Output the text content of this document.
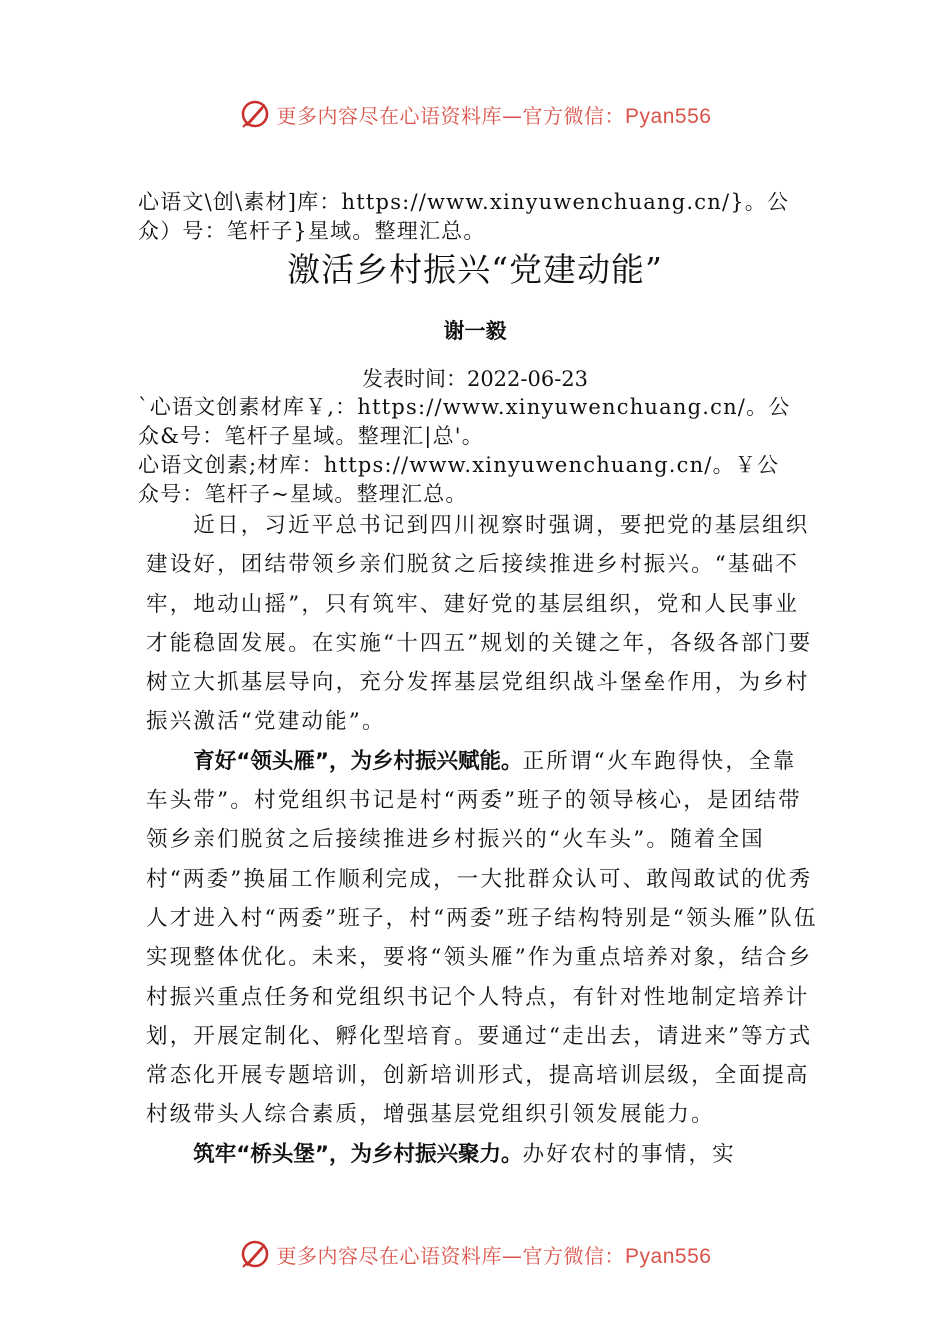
更多内容尽在心语资料库—官方微信：Pyan556
心语文\创\素材]库：https://www.xinyuwenchuang.cn/}。公
众）号：笔杆子}星域。整理汇总。
激活乡村振兴“党建动能”
谢一毅
发表时间：2022-06-23
`心语文创素材库￥,：https://www.xinyuwenchuang.cn/。公
众&号：笔杆子星域。整理汇|总'。
心语文创素;材库：https://www.xinyuwenchuang.cn/。￥公
众号：笔杆子~星域。整理汇总。

近日，习近平总书记到四川视察时强调，要把党的基层组织建设好，团结带领乡亲们脱贫之后接续推进乡村振兴。“基础不牢，地动山摇”，只有筑牢、建好党的基层组织，党和人民事业才能稳固发展。在实施“十四五”规划的关键之年，各级各部门要树立大抓基层导向，充分发挥基层党组织战斗堡垒作用，为乡村振兴激活“党建动能”。

育好“领头雁”，为乡村振兴赋能。正所谓“火车跑得快，全靠车头带”。村党组织书记是村“两委”班子的领导核心，是团结带领乡亲们脱贫之后接续推进乡村振兴的“火车头”。随着全国村“两委”换届工作顺利完成，一大批群众认可、敢闯敢试的优秀人才进入村“两委”班子，村“两委”班子结构特别是“领头雁”队伍实现整体优化。未来，要将“领头雁”作为重点培养对象，结合乡村振兴重点任务和党组织书记个人特点，有针对性地制定培养计划，开展定制化、孵化型培育。要通过“走出去，请进来”等方式常态化开展专题培训，创新培训形式，提高培训层级，全面提高村级带头人综合素质，增强基层党组织引领发展能力。

筑牢“桥头堡”，为乡村振兴聚力。办好农村的事情，实

更多内容尽在心语资料库—官方微信：Pyan556
